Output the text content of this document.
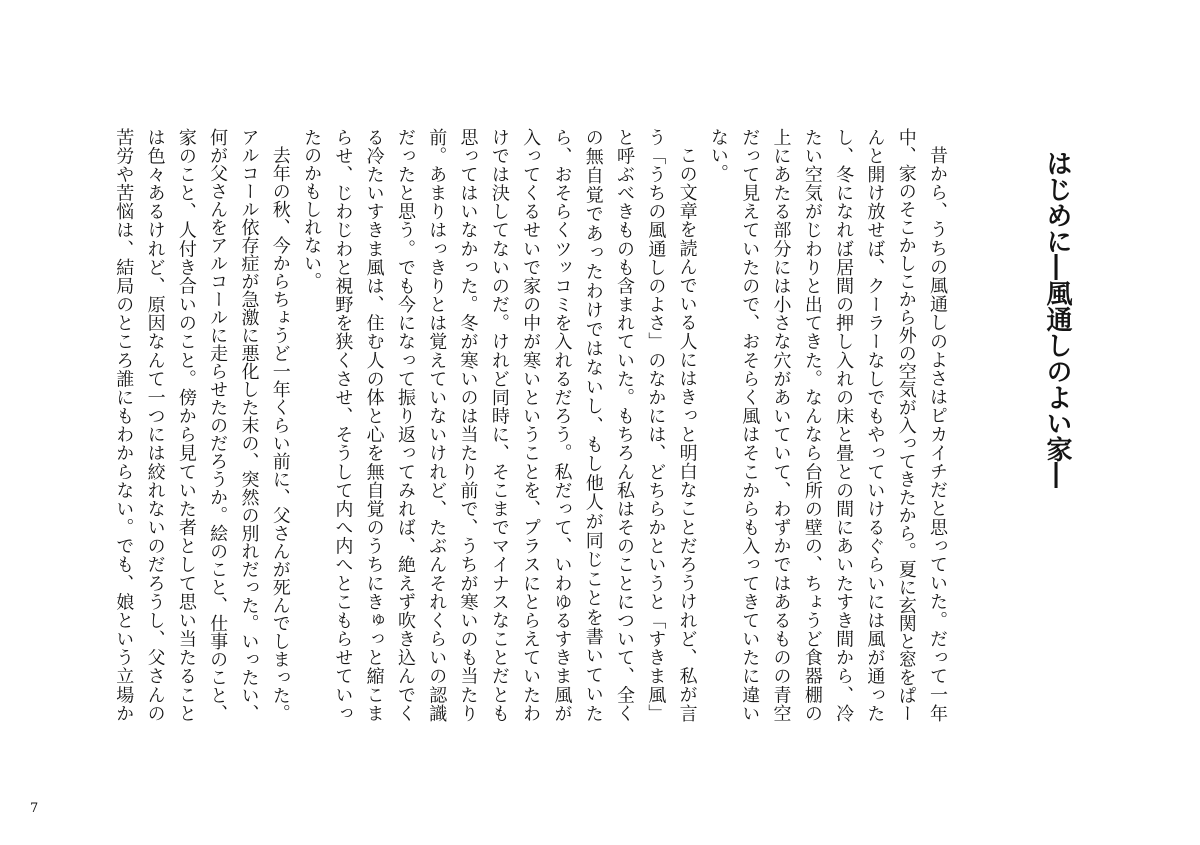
はじめに―風通しのよい家―
昔から、うちの風通しのよさはピカイチだと思っていた。だって一年
中、家のそこかしこから外の空気が入ってきたから。夏に玄関と窓をぱー
んと開け放せば、クーラーなしでもやっていけるぐらいには風が通った
し、冬になれば居間の押し入れの床と畳との間にあいたすき間から、冷
たい空気がじわりと出てきた。なんなら台所の壁の、ちょうど食器棚の
上にあたる部分には小さな穴があいていて、わずかではあるものの青空
だって見えていたので、おそらく風はそこからも入ってきていたに違い
ない。
この文章を読んでいる人にはきっと明白なことだろうけれど、私が言
う「うちの風通しのよさ」のなかには、どちらかというと「すきま風」
と呼ぶべきものも含まれていた。もちろん私はそのことについて、全く
の無自覚であったわけではないし、もし他人が同じことを書いていた
ら、おそらくツッコミを入れるだろう。私だって、いわゆるすきま風が
入ってくるせいで家の中が寒いということを、プラスにとらえていたわ
けでは決してないのだ。けれど同時に、そこまでマイナスなことだとも
思ってはいなかった。冬が寒いのは当たり前で、うちが寒いのも当たり
前。あまりはっきりとは覚えていないけれど、たぶんそれくらいの認識
だったと思う。でも今になって振り返ってみれば、絶えず吹き込んでく
る冷たいすきま風は、住む人の体と心を無自覚のうちにきゅっと縮こま
らせ、じわじわと視野を狭くさせ、そうして内へ内へとこもらせていっ
たのかもしれない。
去年の秋、今からちょうど一年くらい前に、父さんが死んでしまった。
アルコール依存症が急激に悪化した末の、突然の別れだった。いったい、
何が父さんをアルコールに走らせたのだろうか。絵のこと、仕事のこと、
家のこと、人付き合いのこと。傍から見ていた者として思い当たること
は色々あるけれど、原因なんて一つには絞れないのだろうし、父さんの
苦労や苦悩は、結局のところ誰にもわからない。でも、娘という立場か
7
